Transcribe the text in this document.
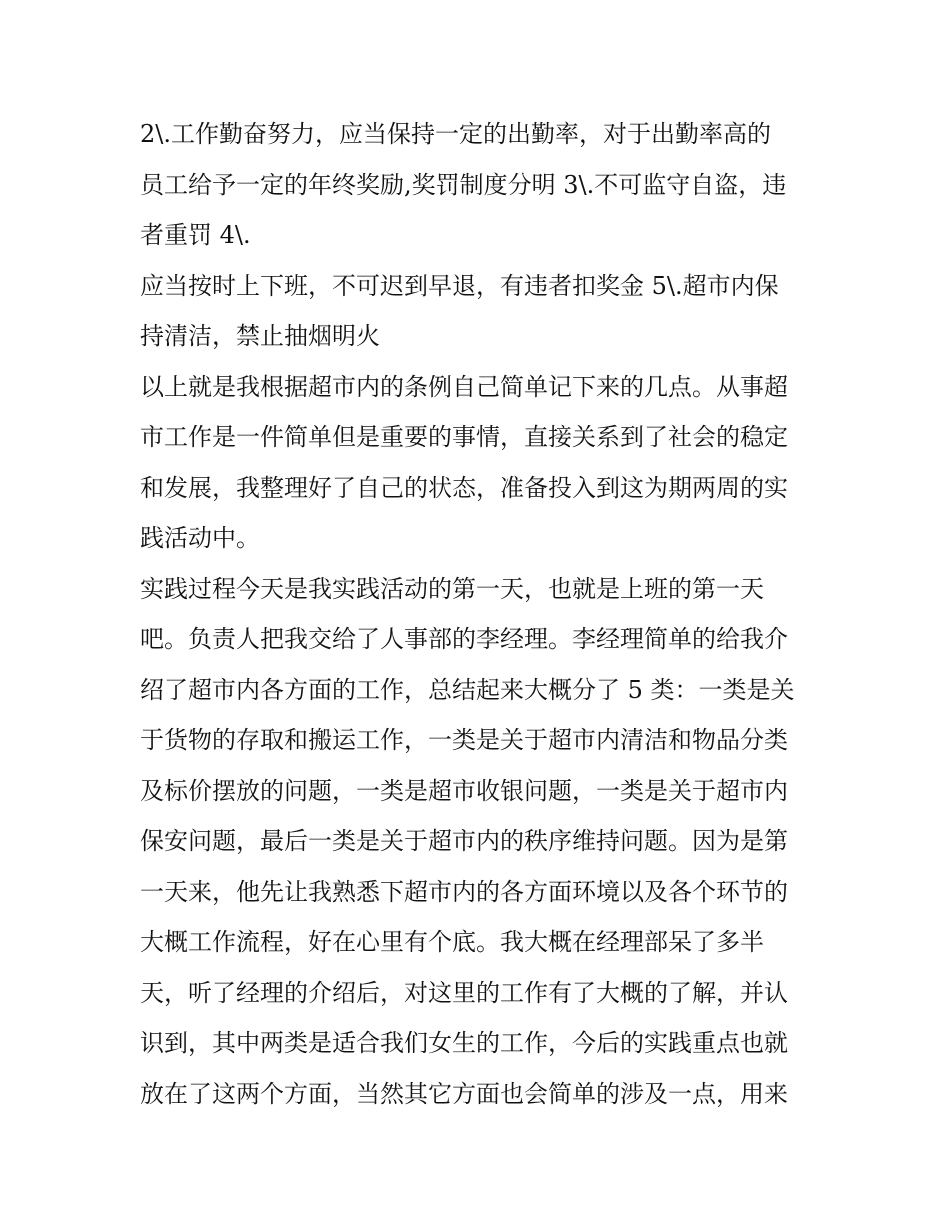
2\.工作勤奋努力，应当保持一定的出勤率，对于出勤率高的
员工给予一定的年终奖励,奖罚制度分明 3\.不可监守自盗，违
者重罚 4\.

应当按时上下班，不可迟到早退，有违者扣奖金 5\.超市内保
持清洁，禁止抽烟明火

以上就是我根据超市内的条例自己简单记下来的几点。从事超
市工作是一件简单但是重要的事情，直接关系到了社会的稳定
和发展，我整理好了自己的状态，准备投入到这为期两周的实
践活动中。

实践过程今天是我实践活动的第一天，也就是上班的第一天
吧。负责人把我交给了人事部的李经理。李经理简单的给我介
绍了超市内各方面的工作，总结起来大概分了 5 类：一类是关
于货物的存取和搬运工作，一类是关于超市内清洁和物品分类
及标价摆放的问题，一类是超市收银问题，一类是关于超市内
保安问题，最后一类是关于超市内的秩序维持问题。因为是第
一天来，他先让我熟悉下超市内的各方面环境以及各个环节的
大概工作流程，好在心里有个底。我大概在经理部呆了多半
天，听了经理的介绍后，对这里的工作有了大概的了解，并认
识到，其中两类是适合我们女生的工作，今后的实践重点也就
放在了这两个方面，当然其它方面也会简单的涉及一点，用来
